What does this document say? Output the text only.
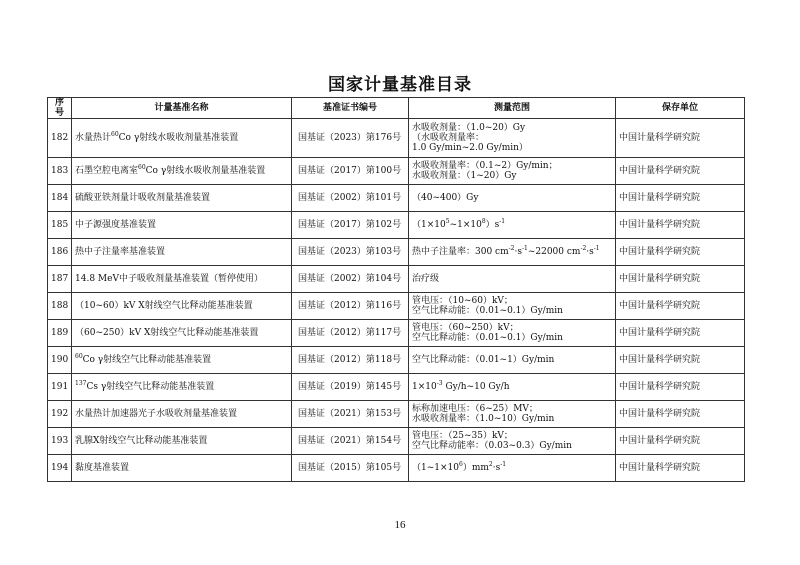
国家计量基准目录
序号	计量基准名称	基准证书编号	测量范围	保存单位
182	水量热计$^{60}$Co γ射线水吸收剂量基准装置	国基证（2023）第176号	水吸收剂量：（1.0~20）Gy
（水吸收剂量率：
1.0 Gy/min~2.0 Gy/min）	中国计量科学研究院
183	石墨空腔电离室$^{60}$Co γ射线水吸收剂量基准装置	国基证（2017）第100号	水吸收剂量率：（0.1~2）Gy/min；
水吸收剂量：（1~20）Gy	中国计量科学研究院
184	硫酸亚铁剂量计吸收剂量基准装置	国基证（2002）第101号	（40~400）Gy	中国计量科学研究院
185	中子源强度基准装置	国基证（2017）第102号	$(1\times 10^5\sim 1\times 10^8)s^{-1}$	中国计量科学研究院
186	热中子注量率基准装置	国基证（2023）第103号	热中子注量率：300 $cm^{-2}\cdot s^{-1}\sim 22000$ $cm^{-2}\cdot s^{-1}$	中国计量科学研究院
187	14.8 MeV中子吸收剂量基准装置（暂停使用）	国基证（2002）第104号	治疗级	中国计量科学研究院
188	（10~60）kV X射线空气比释动能基准装置	国基证（2012）第116号	管电压：（10~60）kV；
空气比释动能：（0.01~0.1）Gy/min	中国计量科学研究院
189	（60~250）kV X射线空气比释动能基准装置	国基证（2012）第117号	管电压：（60~250）kV；
空气比释动能：（0.01~0.1）Gy/min	中国计量科学研究院
190	$^{60}$Co γ射线空气比释动能基准装置	国基证（2012）第118号	空气比释动能：（0.01~1）Gy/min	中国计量科学研究院
191	$^{137}$Cs γ射线空气比释动能基准装置	国基证（2019）第145号	$1\times 10^{-3}$ Gy/h~10 Gy/h	中国计量科学研究院
192	水量热计加速器光子水吸收剂量基准装置	国基证（2021）第153号	标称加速电压：（6~25）MV；
水吸收剂量率：（1.0~10）Gy/min	中国计量科学研究院
193	乳腺X射线空气比释动能基准装置	国基证（2021）第154号	管电压：（25~35）kV；
空气比释动能率：（0.03~0.3）Gy/min	中国计量科学研究院
194	黏度基准装置	国基证（2015）第105号	$(1\sim 1\times 10^6)mm^2\cdot s^{-1}$	中国计量科学研究院
16
